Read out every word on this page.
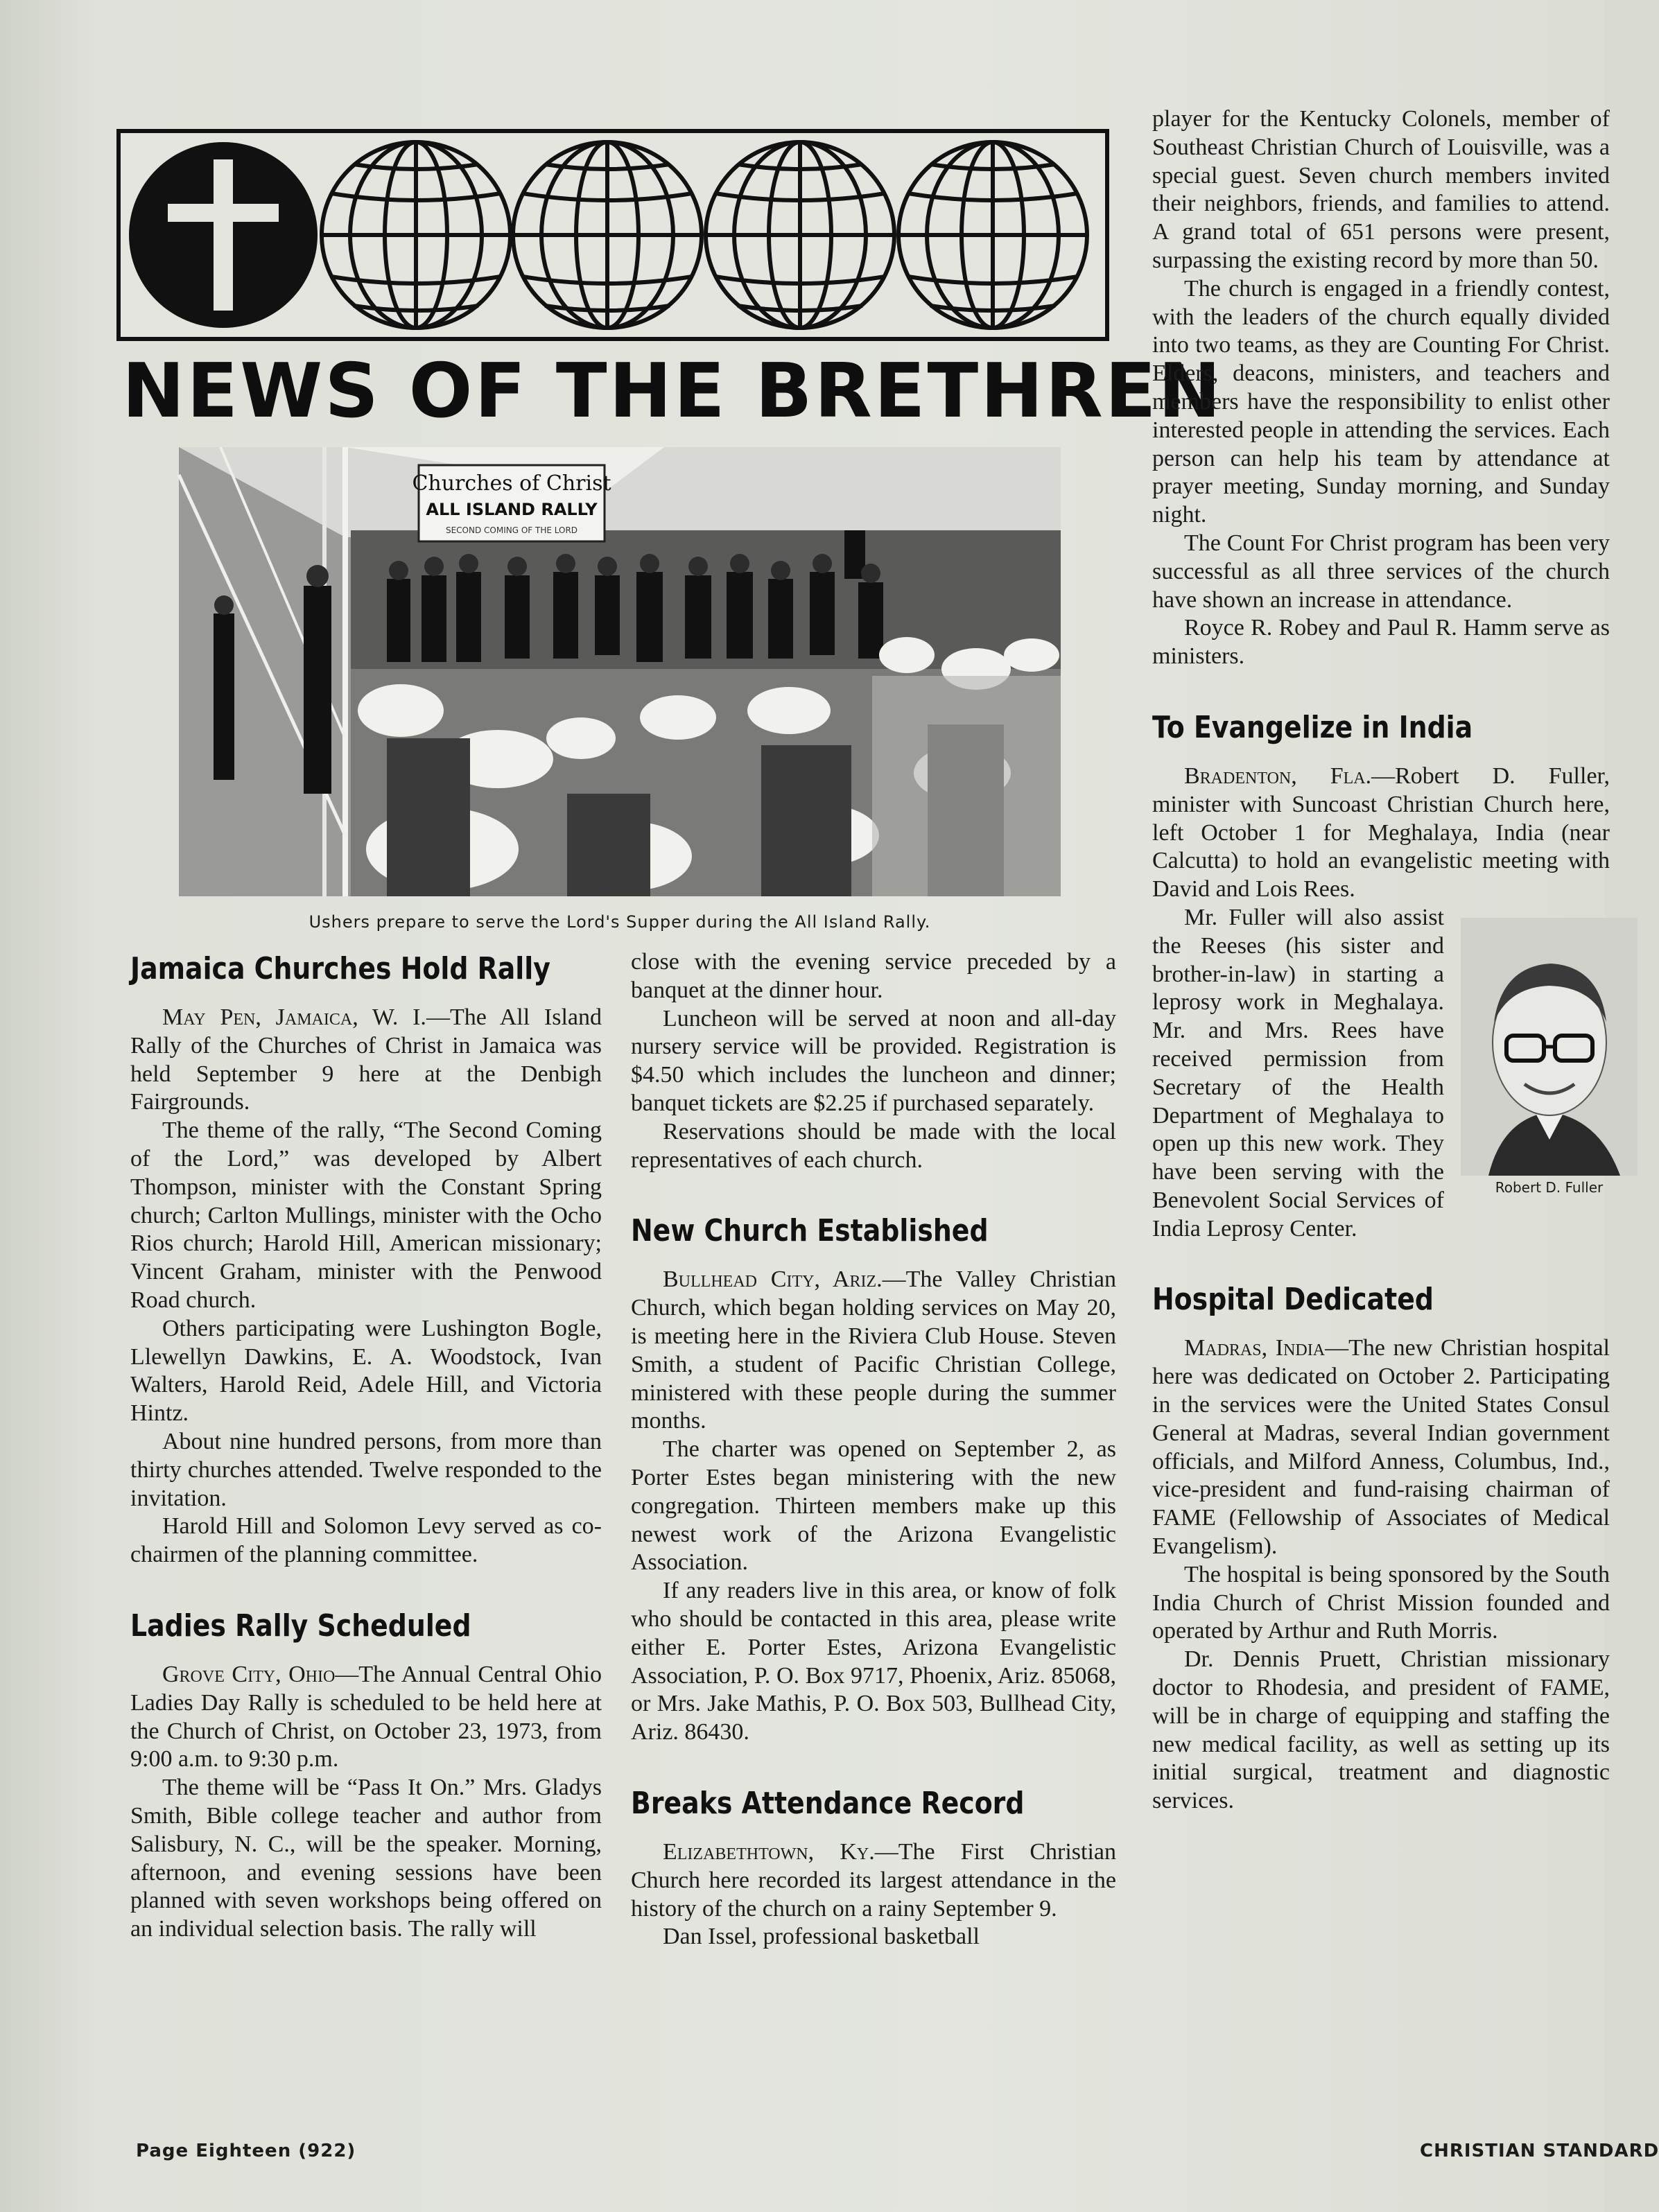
NEWS OF THE BRETHREN
Churches of Christ
ALL ISLAND RALLY
SECOND COMING OF THE LORD
Ushers prepare to serve the Lord's Supper during the All Island Rally.
Jamaica Churches Hold Rally

May Pen, Jamaica, W. I.—The All Island Rally of the Churches of Christ in Jamaica was held September 9 here at the Denbigh Fairgrounds.

The theme of the rally, “The Second Coming of the Lord,” was developed by Albert Thompson, minister with the Constant Spring church; Carlton Mullings, minister with the Ocho Rios church; Harold Hill, American missionary; Vincent Graham, minister with the Penwood Road church.

Others participating were Lushington Bogle, Llewellyn Dawkins, E. A. Woodstock, Ivan Walters, Harold Reid, Adele Hill, and Victoria Hintz.

About nine hundred persons, from more than thirty churches attended. Twelve responded to the invitation.

Harold Hill and Solomon Levy served as co-chairmen of the planning committee.

Ladies Rally Scheduled

Grove City, Ohio—The Annual Central Ohio Ladies Day Rally is scheduled to be held here at the Church of Christ, on October 23, 1973, from 9:00 a.m. to 9:30 p.m.

The theme will be “Pass It On.” Mrs. Gladys Smith, Bible college teacher and author from Salisbury, N. C., will be the speaker. Morning, afternoon, and evening sessions have been planned with seven workshops being offered on an individual selection basis. The rally will

close with the evening service preceded by a banquet at the dinner hour.

Luncheon will be served at noon and all-day nursery service will be provided. Registration is $4.50 which includes the luncheon and dinner; banquet tickets are $2.25 if purchased separately.

Reservations should be made with the local representatives of each church.

New Church Established

Bullhead City, Ariz.—The Valley Christian Church, which began holding services on May 20, is meeting here in the Riviera Club House. Steven Smith, a student of Pacific Christian College, ministered with these people during the summer months.

The charter was opened on September 2, as Porter Estes began ministering with the new congregation. Thirteen members make up this newest work of the Arizona Evangelistic Association.

If any readers live in this area, or know of folk who should be contacted in this area, please write either E. Porter Estes, Arizona Evangelistic Association, P. O. Box 9717, Phoenix, Ariz. 85068, or Mrs. Jake Mathis, P. O. Box 503, Bullhead City, Ariz. 86430.

Breaks Attendance Record

Elizabethtown, Ky.—The First Christian Church here recorded its largest attendance in the history of the church on a rainy September 9.

Dan Issel, professional basketball

player for the Kentucky Colonels, member of Southeast Christian Church of Louisville, was a special guest. Seven church members invited their neighbors, friends, and families to attend. A grand total of 651 persons were present, surpassing the existing record by more than 50.

The church is engaged in a friendly contest, with the leaders of the church equally divided into two teams, as they are Counting For Christ. Elders, deacons, ministers, and teachers and members have the responsibility to enlist other interested people in attending the services. Each person can help his team by attendance at prayer meeting, Sunday morning, and Sunday night.

The Count For Christ program has been very successful as all three services of the church have shown an increase in attendance.

Royce R. Robey and Paul R. Hamm serve as ministers.

To Evangelize in India

Bradenton, Fla.—Robert D. Fuller, minister with Suncoast Christian Church here, left October 1 for Meghalaya, India (near Calcutta) to hold an evangelistic meeting with David and Lois Rees.

Robert D. Fuller

Mr. Fuller will also assist the Reeses (his sister and brother-in-law) in starting a leprosy work in Meghalaya. Mr. and Mrs. Rees have received permission from Secretary of the Health Department of Meghalaya to open up this new work. They have been serving with the Benevolent Social Services of India Leprosy Center.

Hospital Dedicated

Madras, India—The new Christian hospital here was dedicated on October 2. Participating in the services were the United States Consul General at Madras, several Indian government officials, and Milford Anness, Columbus, Ind., vice-president and fund-raising chairman of FAME (Fellowship of Associates of Medical Evangelism).

The hospital is being sponsored by the South India Church of Christ Mission founded and operated by Arthur and Ruth Morris.

Dr. Dennis Pruett, Christian missionary doctor to Rhodesia, and president of FAME, will be in charge of equipping and staffing the new medical facility, as well as setting up its initial surgical, treatment and diagnostic services.

Page Eighteen (922)	CHRISTIAN STANDARD
